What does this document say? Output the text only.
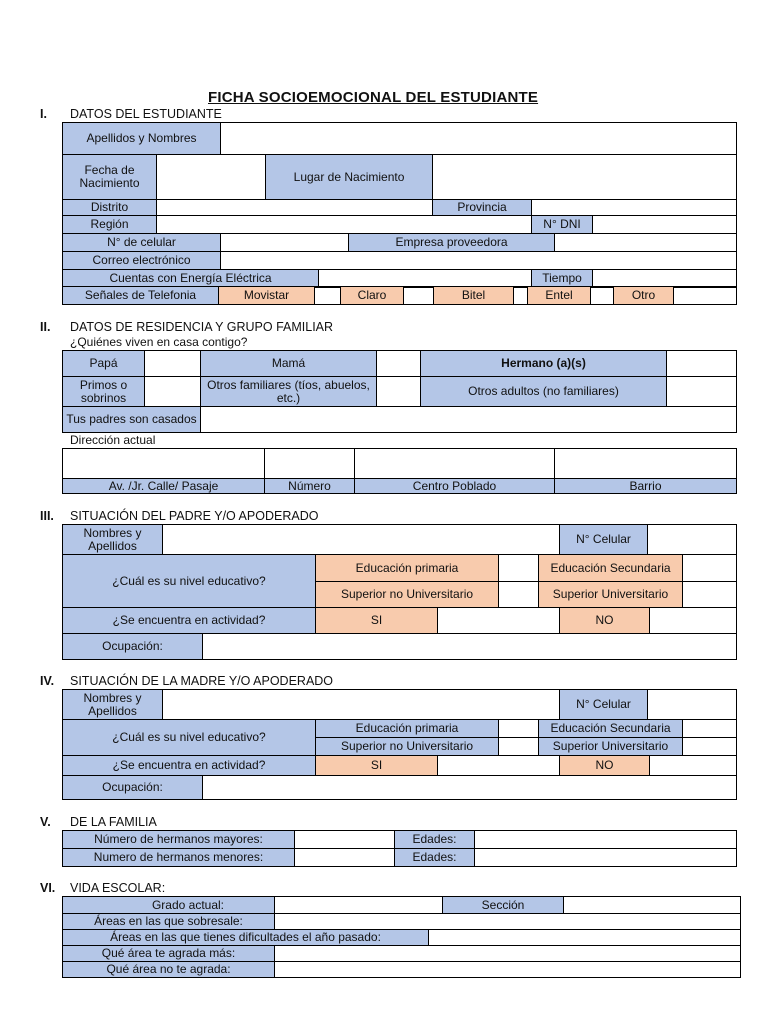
FICHA SOCIOEMOCIONAL DEL ESTUDIANTE
I. DATOS DEL ESTUDIANTE
Apellidos y Nombres									
Fecha de Nacimiento			Lugar de Nacimiento						
Distrito						Provincia			
Región							N° DNI		
N° de celular					Empresa proveedora				
Correo electrónico									
Cuentas con Energía Eléctrica							Tiempo		
Señales de Telefonia	Movistar		Claro		Bitel		Entel		Otro	
II. DATOS DE RESIDENCIA Y GRUPO FAMILIAR
¿Quiénes viven en casa contigo?
Papá		Mamá		Hermano (a)(s)	
Primos o sobrinos		Otros familiares (tíos, abuelos, etc.)		Otros adultos (no familiares)	
Tus padres son casados					
Dirección actual

Av. /Jr. Calle/ Pasaje	Número	Centro Poblado	Barrio
III. SITUACIÓN DEL PADRE Y/O APODERADO
Nombres y Apellidos		N° Celular	
¿Cuál es su nivel educativo?	Educación primaria		Educación Secundaria	
	Superior no Universitario		Superior Universitario	
¿Se encuentra en actividad?	SI		NO	
Ocupación:	
IV. SITUACIÓN DE LA MADRE Y/O APODERADO
Nombres y Apellidos		N° Celular	
¿Cuál es su nivel educativo?	Educación primaria		Educación Secundaria	
	Superior no Universitario		Superior Universitario	
¿Se encuentra en actividad?	SI		NO	
Ocupación:	
V. DE LA FAMILIA
Número de hermanos mayores:		Edades:	
Numero de hermanos menores:		Edades:	
VI. VIDA ESCOLAR:
Grado actual:		Sección	
Áreas en las que sobresale:	
Áreas en las que tienes dificultades el año pasado:	
Qué área te agrada más:	
Qué área no te agrada:	
